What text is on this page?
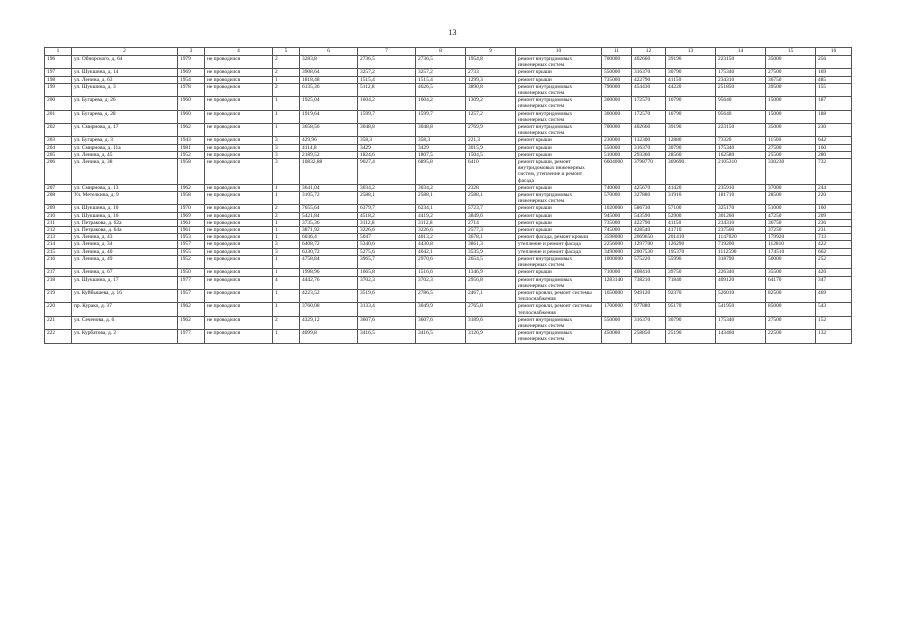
13
1	2	3	4	5	6	7	8	9	10	11	12	13	14	15	16
196	ул. Обнорского, д. 64	1979	не проводился	2	3283,8	2736,5	2736,5	1954,8	ремонт внутридомовых инженерных систем	700000	402660	39190	223150	35000	256
197	ул. Шукшина, д. 14	1969	не проводился	2	3908,64	3257,2	3257,2	2733	ремонт крыши	550000	316370	30790	175340	27500	169
198	ул. Ленина, д. 63	1954	не проводился	1	1818,48	1515,4	1515,4	1299,3	ремонт крыши	735000	422790	41150	234310	36750	485
199	ул. Шукшина, д. 3	1978	не проводился	2	6135,36	5112,8	4626,5	3890,8	ремонт внутридомовых инженерных систем	790000	454430	44220	251850	39500	155
200	ул. Бугарева, д. 26	1960	не проводился	1	1925,04	1604,2	1604,2	1309,2	ремонт внутридомовых инженерных систем	300000	172570	16790	95640	15000	187
201	ул. Бугарева, д. 28	1960	не проводился	1	1919,64	1599,7	1599,7	1257,2	ремонт внутридомовых инженерных систем	300000	172570	16790	95640	15000	188
202	ул. Смирнова, д. 17	1962	не проводился	1	3658,56	3048,8	3048,8	2769,9	ремонт внутридомовых инженерных систем	700000	402660	39190	223150	35000	230
203	ул. Бугарева, д. 3	1943	не проводился	3	429,96	358,3	358,3	221,3	ремонт крыши	230000	132300	12880	73320	11500	642
204	ул. Смирнова, д. 11а	1981	не проводился	3	4114,8	3429	3429	3015,9	ремонт крыши	550000	316370	30790	175340	27500	160
205	ул. Ленина, д. 45	1952	не проводился	3	2189,52	1824,6	1807,5	1504,5	ремонт крыши	510000	293360	28560	162580	25500	280
206	ул. Ленина, д. 38	1958	не проводился	3	10832,88	9027,4	6895,8	6410	ремонт крыши, ремонт внутридомовых инженерных систем, утепление и ремонт фасада	6604000	3798770	369690	2105310	330230	732
207	ул. Смирнова, д. 13	1962	не проводился	1	3641,04	3034,2	3034,2	2328	ремонт крыши	740000	425670	41420	235910	37000	244
208	Ул. Метелкина, д. 9	1958	не проводился	1	3105,72	2588,1	2588,1	2588,1	ремонт внутридомовых инженерных систем	570000	327880	31910	181710	28500	220
209	ул. Шукшина, д. 10	1970	не проводился	2	7655,64	6379,7	6234,1	5723,7	ремонт крыши	1020000	586730	57100	325170	51000	160
210	ул. Шукшина, д. 16	1969	не проводился	2	5421,84	4518,2	4419,2	3849,6	ремонт крыши	945000	543590	52900	301260	47250	209
211	ул. Петракова, д. 62а	1961	не проводился	1	3735,36	3112,8	3112,8	2714	ремонт крыши	735000	422790	41150	234310	36750	236
212	ул. Петракова, д. 64а	1961	не проводился	1	3871,92	3226,6	3226,6	2577,3	ремонт крыши	745000	428540	41710	237500	37250	231
213	ул. Ленина, д. 43	1953	не проводился	1	6036,4	5047	4013,2	3678,1	ремонт фасада, ремонт кровли	3598000	2069650	201410	1147020	179920	713
214	ул. Ленина, д. 34	1957	не проводился	3	6408,72	5340,6	4430,8	3861,3	утепление и ремонт фасада	2256000	1297700	126290	719200	112810	422
215	ул. Ленина, д. 40	1955	не проводился	3	6330,72	5275,6	4042,1	3535,9	утепление и ремонт фасада	3490000	2007530	195370	1112590	174510	662
216	ул. Ленина, д. 49	1952	не проводился	1	4758,84	3965,7	2970,6	2654,5	ремонт внутридомовых инженерных систем	1000000	575220	55990	318790	50000	252
217	ул. Ленина, д. 67	1950	не проводился	1	1998,96	1665,8	1516,6	1346,9	ремонт крыши	710000	408410	39750	226340	35500	426
218	ул. Шукшина, д. 17	1977	не проводился	4	4442,76	3702,3	3702,3	2956,8	ремонт внутридомовых инженерных систем	1283140	738210	71840	409120	64170	347
219	ул. Куйбышева, д. 16	1957	не проводился	1	4223,52	3519,6	2786,5	2467,1	ремонт кровли, ремонт системы теплоснабжения	1650000	949120	92370	526010	82500	469
220	пр. Курако, д. 37	1962	не проводился	1	3760,08	3133,4	3049,9	2765,8	ремонт кровли, ремонт системы теплоснабжения	1700000	977880	95170	541950	85000	543
221	ул. Сеченова, д. 6	1962	не проводился	2	4329,12	3607,6	3607,6	3189,6	ремонт внутридомовых инженерных систем	550000	316370	30790	175340	27500	152
222	ул. Курбатова, д. 2	1977	не проводился	1	4099,8	3416,5	3416,5	3126,9	ремонт внутридомовых инженерных систем	450000	258850	25190	143460	22500	132
